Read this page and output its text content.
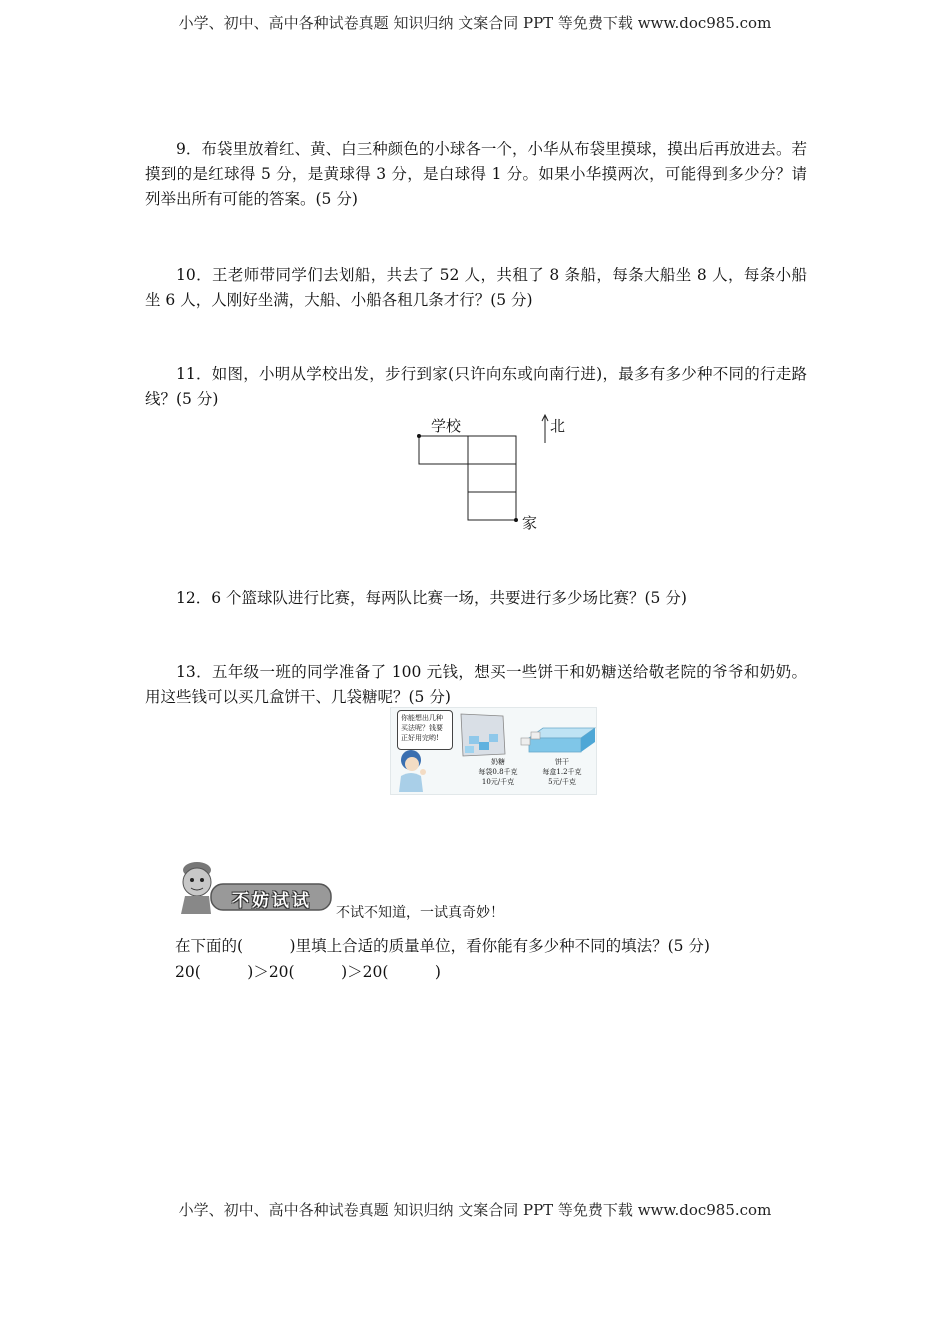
小学、初中、高中各种试卷真题 知识归纳 文案合同 PPT 等免费下载 www.doc985.com
9．布袋里放着红、黄、白三种颜色的小球各一个，小华从布袋里摸球，摸出后再放进去。若摸到的是红球得 5 分，是黄球得 3 分，是白球得 1 分。如果小华摸两次，可能得到多少分？请列举出所有可能的答案。(5 分)
10．王老师带同学们去划船，共去了 52 人，共租了 8 条船，每条大船坐 8 人，每条小船坐 6 人，人刚好坐满，大船、小船各租几条才行？(5 分)
11．如图，小明从学校出发，步行到家(只许向东或向南行进)，最多有多少种不同的行走路线？(5 分)
学校	北
家
12．6 个篮球队进行比赛，每两队比赛一场，共要进行多少场比赛？(5 分)
13．五年级一班的同学准备了 100 元钱，想买一些饼干和奶糖送给敬老院的爷爷和奶奶。用这些钱可以买几盒饼干、几袋糖呢？(5 分)
你能想出几种买法呢？钱要正好用完哟!
奶糖
每袋0.8千克
10元/千克
饼干
每盒1.2千克
5元/千克
不妨试试
不试不知道，一试真奇妙！
在下面的(　　　)里填上合适的质量单位，看你能有多少种不同的填法？(5 分)
20(　　　)＞20(　　　)＞20(　　　)
小学、初中、高中各种试卷真题 知识归纳 文案合同 PPT 等免费下载 www.doc985.com
